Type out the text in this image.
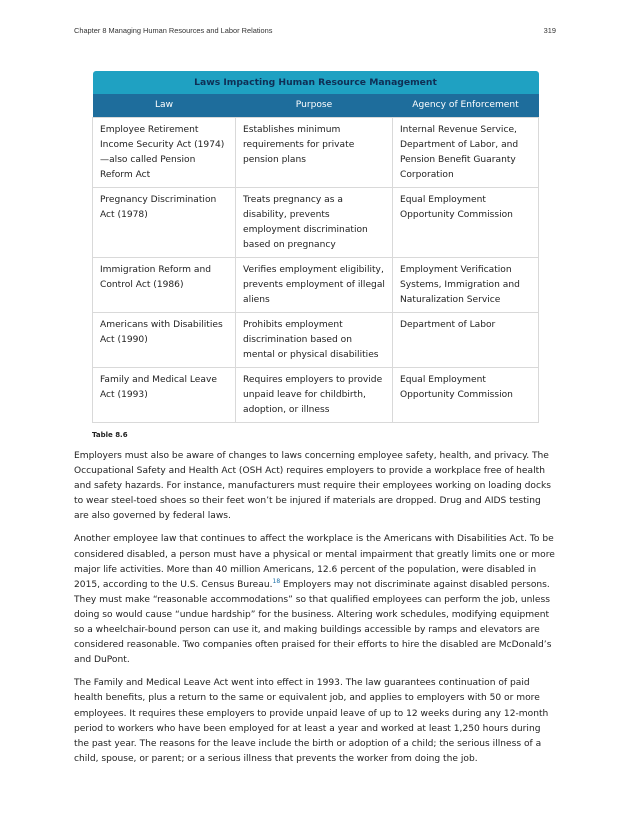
Chapter 8 Managing Human Resources and Labor Relations	319
Laws Impacting Human Resource Management		
Law	Purpose	Agency of Enforcement
Employee Retirement Income Security Act (1974)—also called Pension Reform Act	Establishes minimum requirements for private pension plans	Internal Revenue Service, Department of Labor, and Pension Benefit Guaranty Corporation
Pregnancy Discrimination Act (1978)	Treats pregnancy as a disability, prevents employment discrimination based on pregnancy	Equal Employment Opportunity Commission
Immigration Reform and Control Act (1986)	Verifies employment eligibility, prevents employment of illegal aliens	Employment Verification Systems, Immigration and Naturalization Service
Americans with Disabilities Act (1990)	Prohibits employment discrimination based on mental or physical disabilities	Department of Labor
Family and Medical Leave Act (1993)	Requires employers to provide unpaid leave for childbirth, adoption, or illness	Equal Employment Opportunity Commission
Table 8.6

Employers must also be aware of changes to laws concerning employee safety, health, and privacy. The Occupational Safety and Health Act (OSH Act) requires employers to provide a workplace free of health and safety hazards. For instance, manufacturers must require their employees working on loading docks to wear steel-toed shoes so their feet won’t be injured if materials are dropped. Drug and AIDS testing are also governed by federal laws.

Another employee law that continues to affect the workplace is the Americans with Disabilities Act. To be considered disabled, a person must have a physical or mental impairment that greatly limits one or more major life activities. More than 40 million Americans, 12.6 percent of the population, were disabled in 2015, according to the U.S. Census Bureau.$^{18}$ Employers may not discriminate against disabled persons. They must make “reasonable accommodations” so that qualified employees can perform the job, unless doing so would cause “undue hardship” for the business. Altering work schedules, modifying equipment so a wheelchair-bound person can use it, and making buildings accessible by ramps and elevators are considered reasonable. Two companies often praised for their efforts to hire the disabled are McDonald’s and DuPont.

The Family and Medical Leave Act went into effect in 1993. The law guarantees continuation of paid health benefits, plus a return to the same or equivalent job, and applies to employers with 50 or more employees. It requires these employers to provide unpaid leave of up to 12 weeks during any 12-month period to workers who have been employed for at least a year and worked at least 1,250 hours during the past year. The reasons for the leave include the birth or adoption of a child; the serious illness of a child, spouse, or parent; or a serious illness that prevents the worker from doing the job.
